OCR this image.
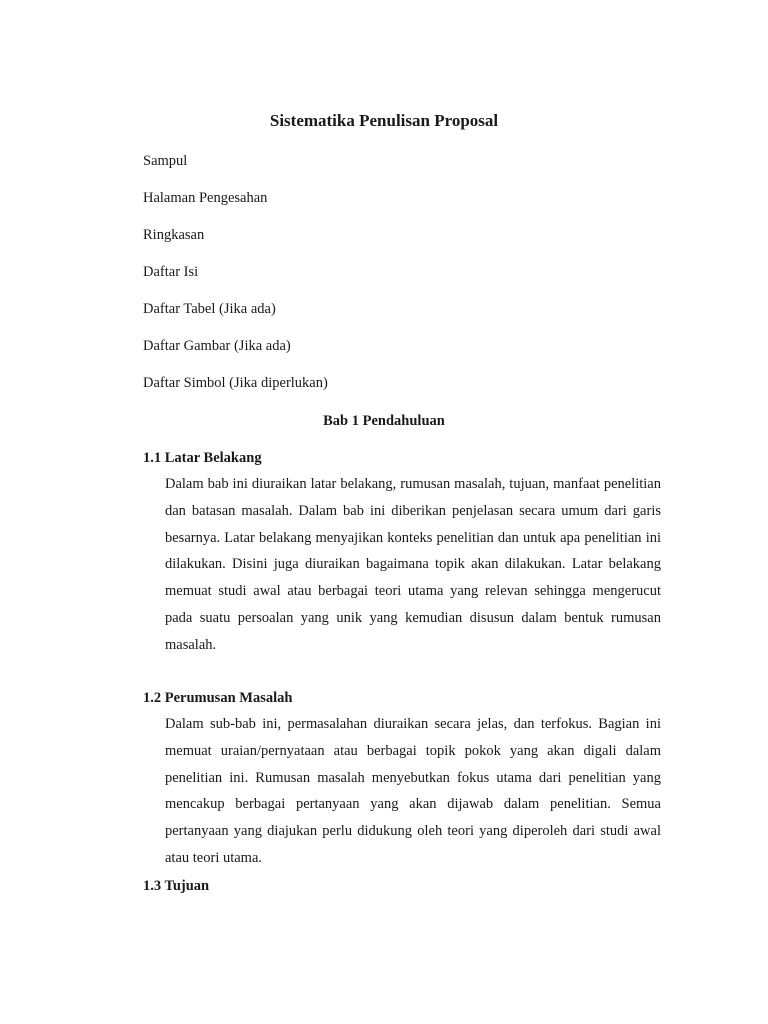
Sistematika Penulisan Proposal
Sampul
Halaman Pengesahan
Ringkasan
Daftar Isi
Daftar Tabel (Jika ada)
Daftar Gambar (Jika ada)
Daftar Simbol (Jika diperlukan)
Bab 1 Pendahuluan
1.1 Latar Belakang

Dalam bab ini diuraikan latar belakang, rumusan masalah, tujuan, manfaat penelitian dan batasan masalah. Dalam bab ini diberikan penjelasan secara umum dari garis besarnya. Latar belakang menyajikan konteks penelitian dan untuk apa penelitian ini dilakukan. Disini juga diuraikan bagaimana topik akan dilakukan. Latar belakang memuat studi awal atau berbagai teori utama yang relevan sehingga mengerucut pada suatu persoalan yang unik yang kemudian disusun dalam bentuk rumusan masalah.

1.2 Perumusan Masalah

Dalam sub-bab ini, permasalahan diuraikan secara jelas, dan terfokus. Bagian ini memuat uraian/pernyataan atau berbagai topik pokok yang akan digali dalam penelitian ini. Rumusan masalah menyebutkan fokus utama dari penelitian yang mencakup berbagai pertanyaan yang akan dijawab dalam penelitian. Semua pertanyaan yang diajukan perlu didukung oleh teori yang diperoleh dari studi awal atau teori utama.

1.3 Tujuan
